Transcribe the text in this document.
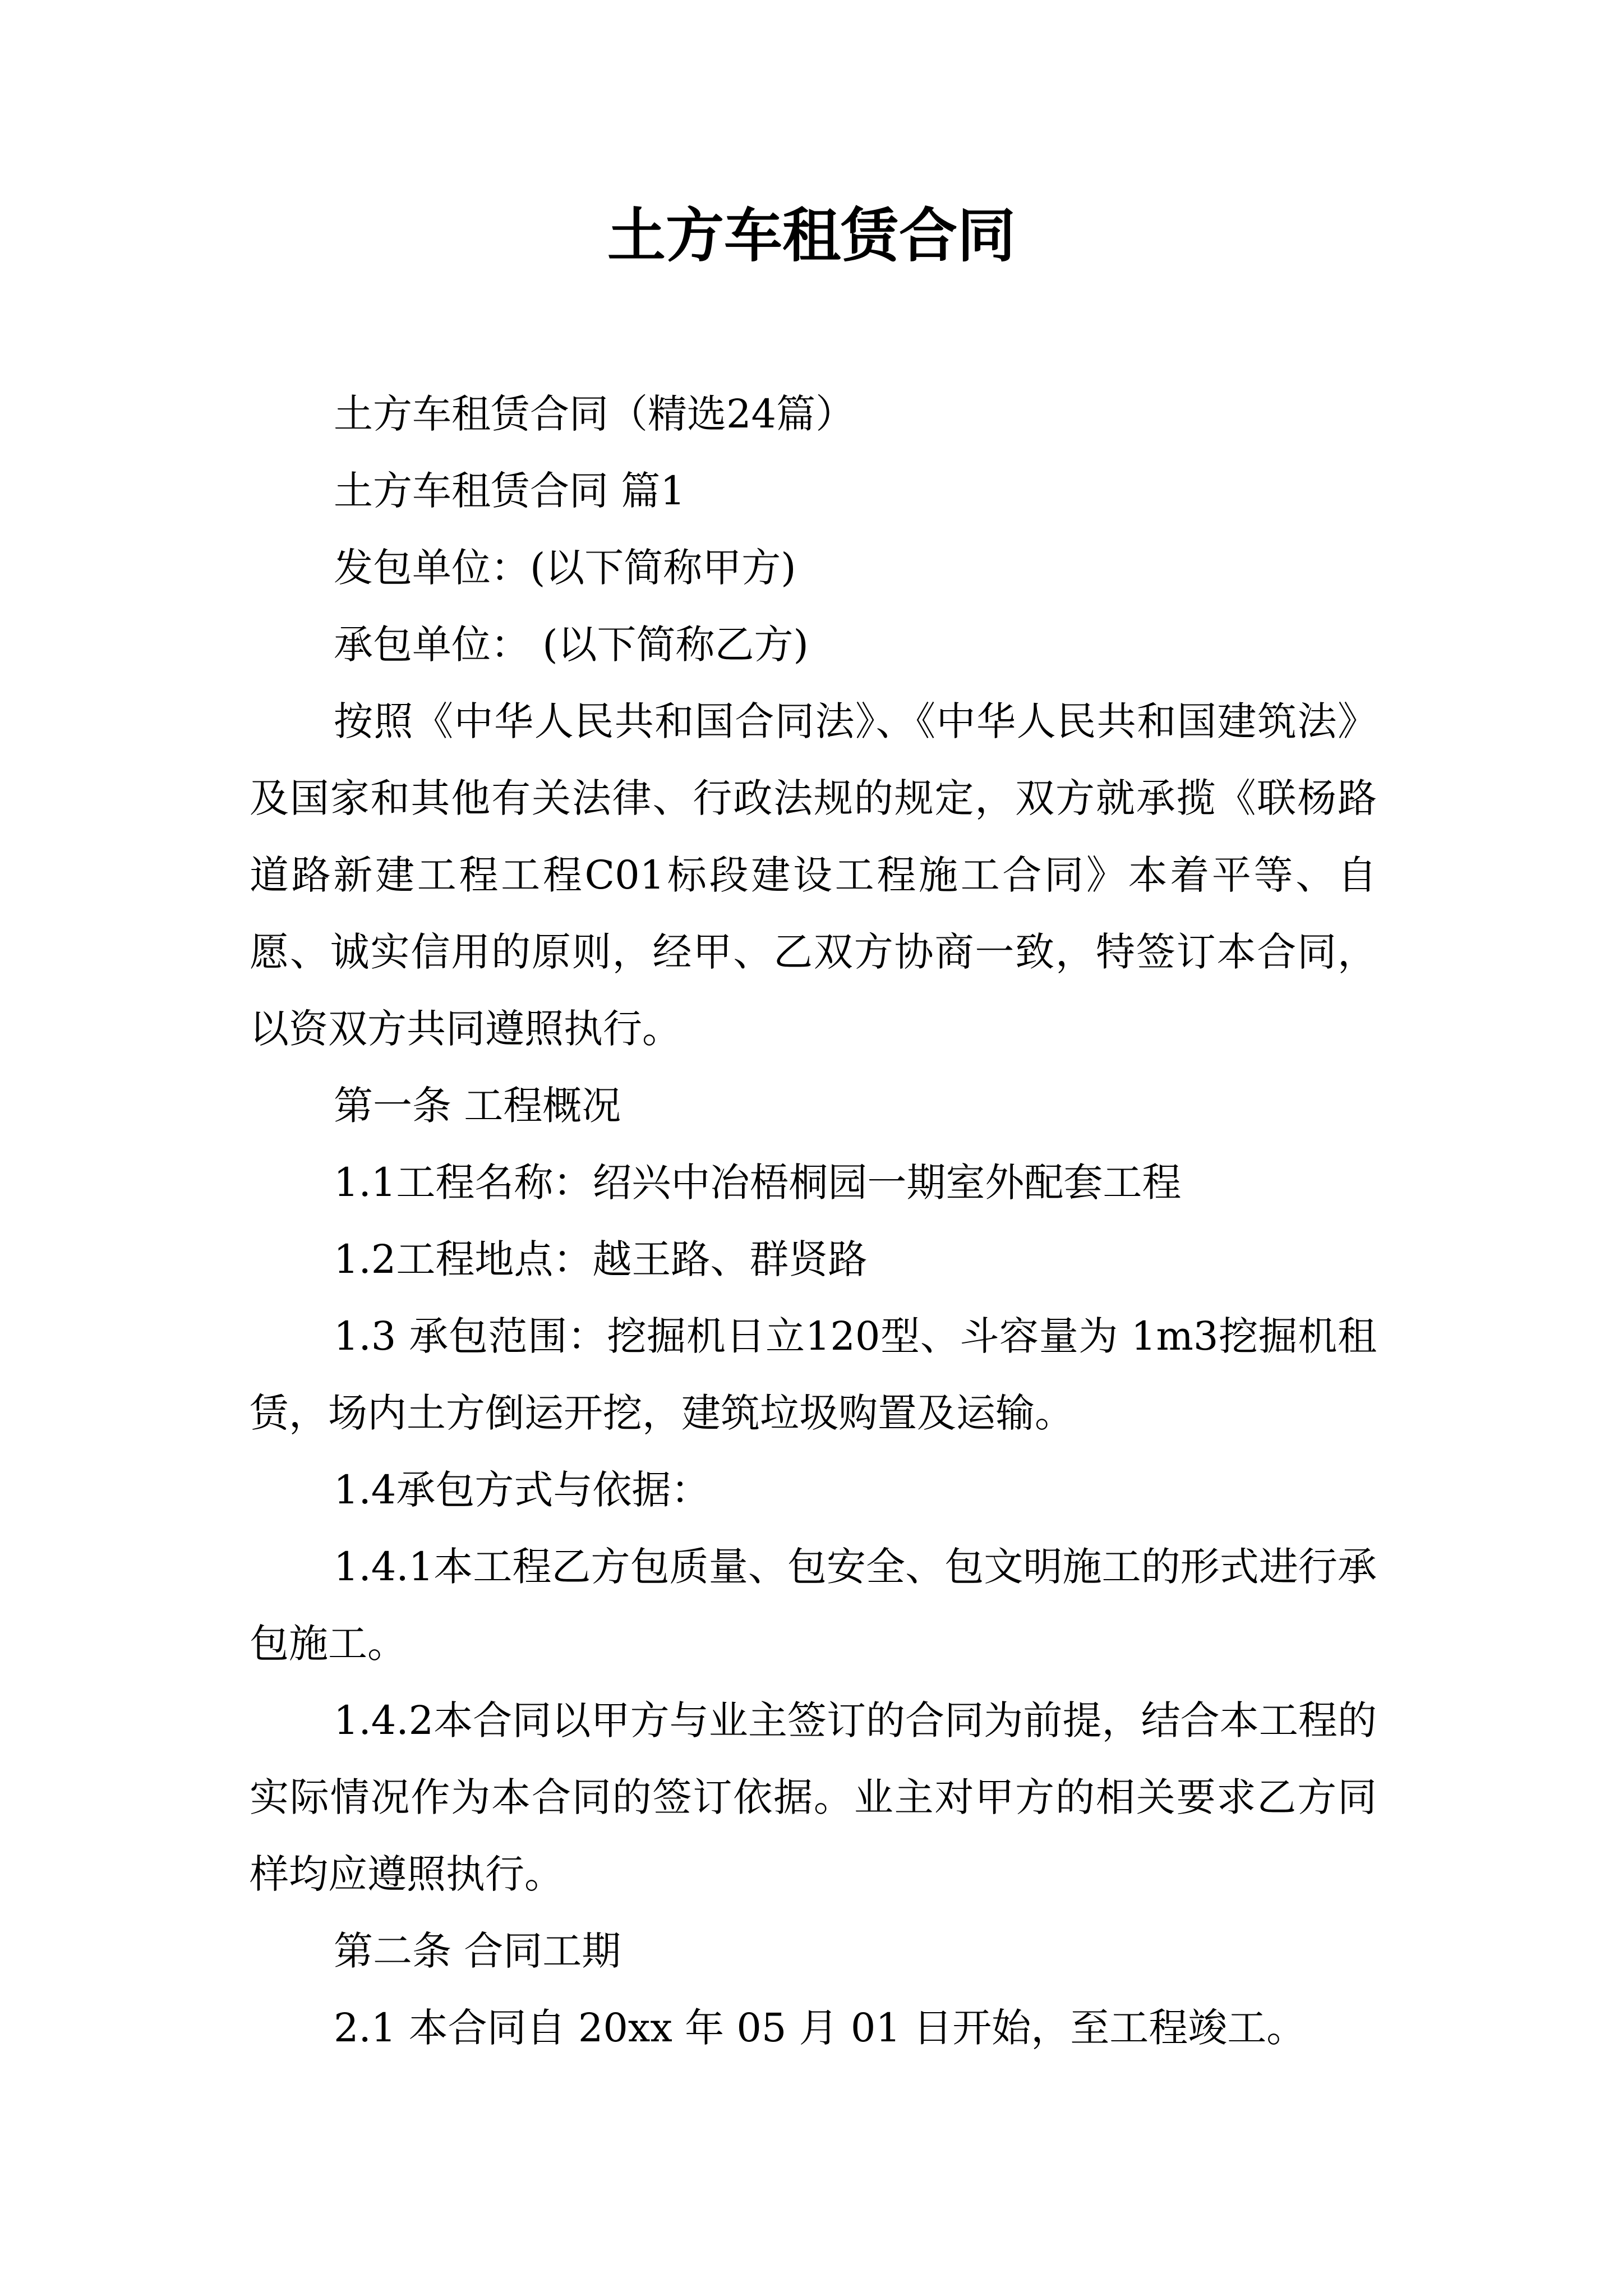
土方车租赁合同

土方车租赁合同（精选24篇）

土方车租赁合同 篇1

发包单位：(以下简称甲方)

承包单位： (以下简称乙方)

按照《中华人民共和国合同法》、《中华人民共和国建筑法》及国家和其他有关法律、行政法规的规定，双方就承揽《联杨路道路新建工程工程C01标段建设工程施工合同》本着平等、自愿、诚实信用的原则，经甲、乙双方协商一致，特签订本合同，以资双方共同遵照执行。

第一条 工程概况

1.1工程名称：绍兴中冶梧桐园一期室外配套工程

1.2工程地点：越王路、群贤路

1.3 承包范围：挖掘机日立120型、斗容量为 1m3挖掘机租赁，场内土方倒运开挖，建筑垃圾购置及运输。

1.4承包方式与依据：

1.4.1本工程乙方包质量、包安全、包文明施工的形式进行承包施工。

1.4.2本合同以甲方与业主签订的合同为前提，结合本工程的实际情况作为本合同的签订依据。业主对甲方的相关要求乙方同样均应遵照执行。

第二条 合同工期

2.1 本合同自 20xx 年 05 月 01 日开始，至工程竣工。
